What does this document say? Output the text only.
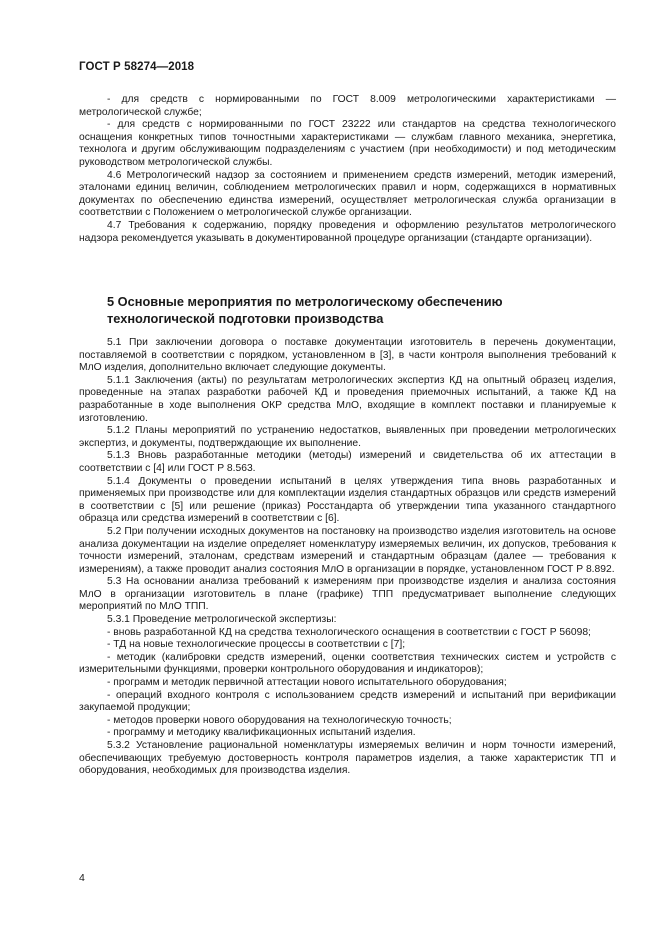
ГОСТ Р 58274—2018

- для средств с нормированными по ГОСТ 8.009 метрологическими характеристиками — метрологической службе;

- для средств с нормированными по ГОСТ 23222 или стандартов на средства технологического оснащения конкретных типов точностными характеристиками — службам главного механика, энергетика, технолога и другим обслуживающим подразделениям с участием (при необходимости) и под методическим руководством метрологической службы.

4.6 Метрологический надзор за состоянием и применением средств измерений, методик измерений, эталонами единиц величин, соблюдением метрологических правил и норм, содержащихся в нормативных документах по обеспечению единства измерений, осуществляет метрологическая служба организации в соответствии с Положением о метрологической службе организации.

4.7 Требования к содержанию, порядку проведения и оформлению результатов метрологического надзора рекомендуется указывать в документированной процедуре организации (стандарте организации).

5 Основные мероприятия по метрологическому обеспечению технологической подготовки производства

5.1 При заключении договора о поставке документации изготовитель в перечень документации, поставляемой в соответствии с порядком, установленном в [3], в части контроля выполнения требований к МлО изделия, дополнительно включает следующие документы.

5.1.1 Заключения (акты) по результатам метрологических экспертиз КД на опытный образец изделия, проведенные на этапах разработки рабочей КД и проведения приемочных испытаний, а также КД на разработанные в ходе выполнения ОКР средства МлО, входящие в комплект поставки и планируемые к изготовлению.

5.1.2 Планы мероприятий по устранению недостатков, выявленных при проведении метрологических экспертиз, и документы, подтверждающие их выполнение.

5.1.3 Вновь разработанные методики (методы) измерений и свидетельства об их аттестации в соответствии с [4] или ГОСТ Р 8.563.

5.1.4 Документы о проведении испытаний в целях утверждения типа вновь разработанных и применяемых при производстве или для комплектации изделия стандартных образцов или средств измерений в соответствии с [5] или решение (приказ) Росстандарта об утверждении типа указанного стандартного образца или средства измерений в соответствии с [6].

5.2 При получении исходных документов на постановку на производство изделия изготовитель на основе анализа документации на изделие определяет номенклатуру измеряемых величин, их допусков, требования к точности измерений, эталонам, средствам измерений и стандартным образцам (далее — требования к измерениям), а также проводит анализ состояния МлО в организации в порядке, установленном ГОСТ Р 8.892.

5.3 На основании анализа требований к измерениям при производстве изделия и анализа состояния МлО в организации изготовитель в плане (графике) ТПП предусматривает выполнение следующих мероприятий по МлО ТПП.

5.3.1 Проведение метрологической экспертизы:

- вновь разработанной КД на средства технологического оснащения в соответствии с ГОСТ Р 56098;

- ТД на новые технологические процессы в соответствии с [7];

- методик (калибровки средств измерений, оценки соответствия технических систем и устройств с измерительными функциями, проверки контрольного оборудования и индикаторов);

- программ и методик первичной аттестации нового испытательного оборудования;

- операций входного контроля с использованием средств измерений и испытаний при верификации закупаемой продукции;

- методов проверки нового оборудования на технологическую точность;

- программу и методику квалификационных испытаний изделия.

5.3.2 Установление рациональной номенклатуры измеряемых величин и норм точности измерений, обеспечивающих требуемую достоверность контроля параметров изделия, а также характеристик ТП и оборудования, необходимых для производства изделия.

4
